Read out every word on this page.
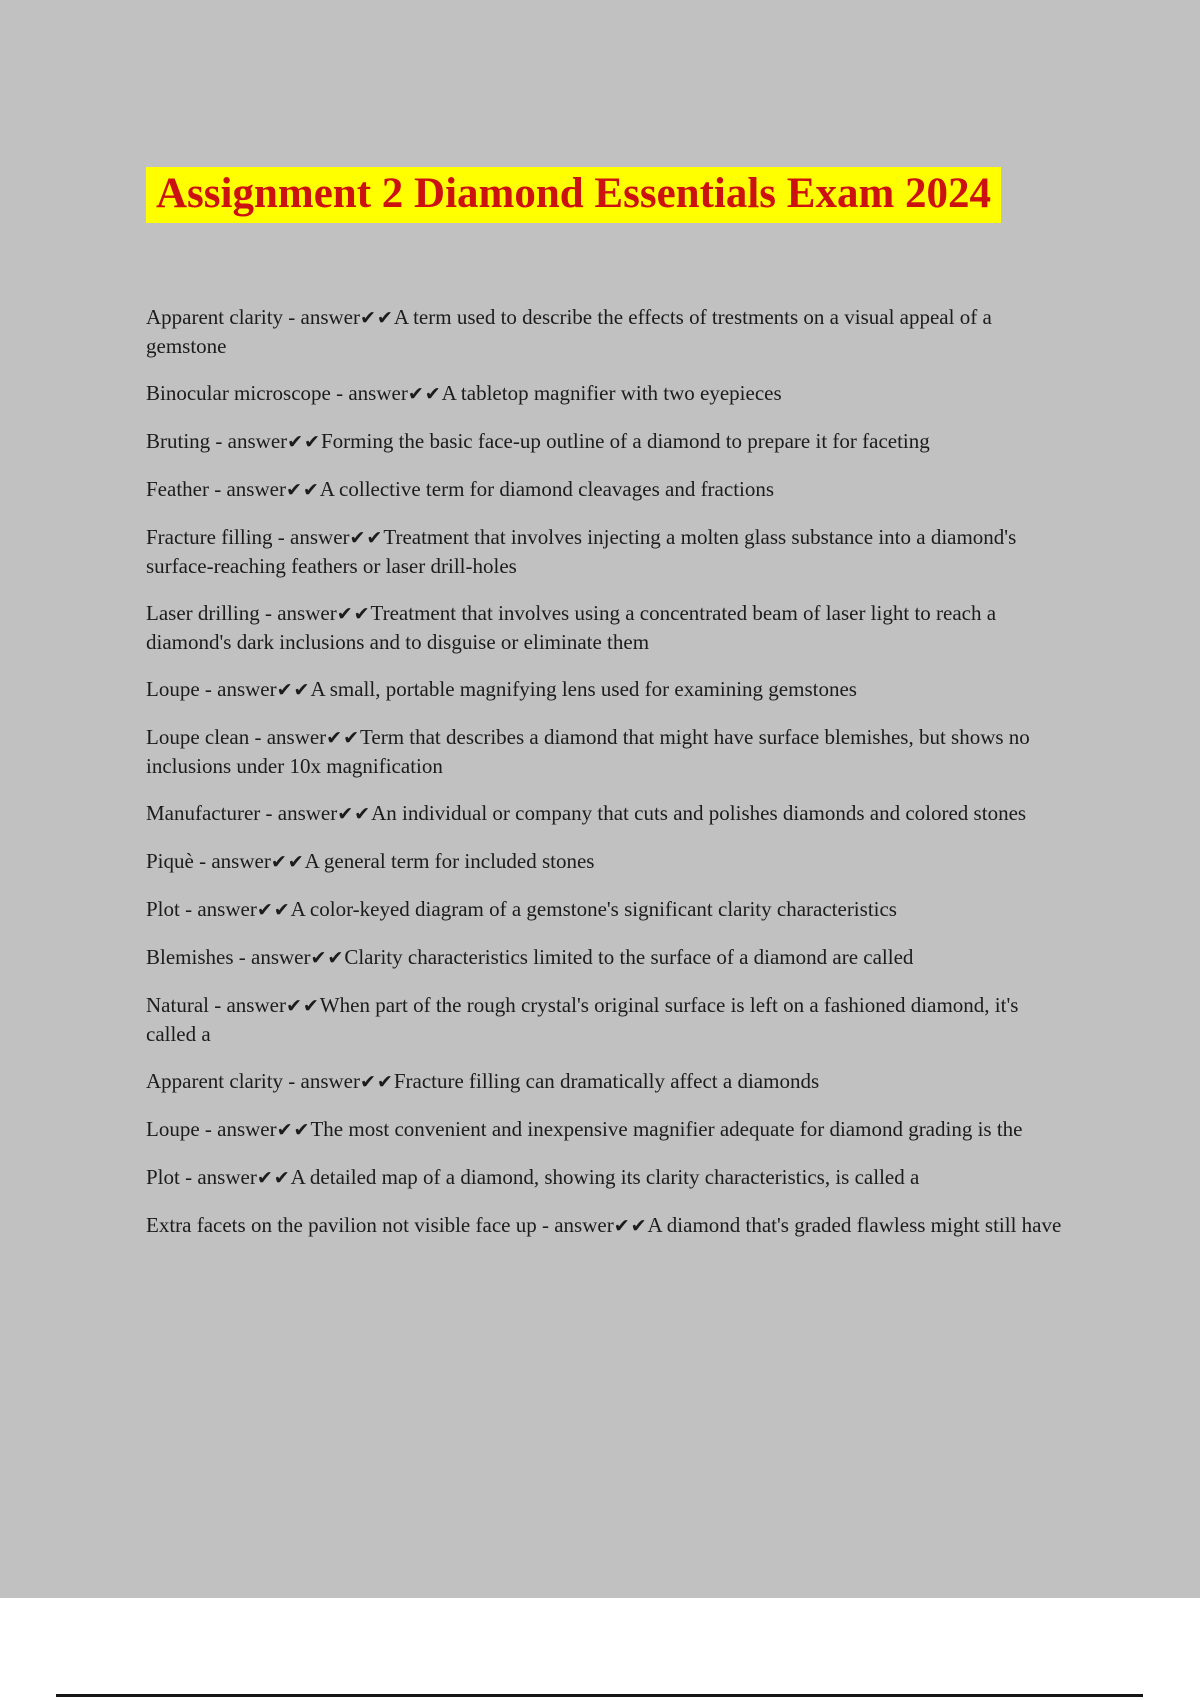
Assignment 2 Diamond Essentials Exam 2024

Apparent clarity - answer✔✔A term used to describe the effects of trestments on a visual appeal of a gemstone

Binocular microscope - answer✔✔A tabletop magnifier with two eyepieces

Bruting - answer✔✔Forming the basic face-up outline of a diamond to prepare it for faceting

Feather - answer✔✔A collective term for diamond cleavages and fractions

Fracture filling - answer✔✔Treatment that involves injecting a molten glass substance into a diamond's surface-reaching feathers or laser drill-holes

Laser drilling - answer✔✔Treatment that involves using a concentrated beam of laser light to reach a diamond's dark inclusions and to disguise or eliminate them

Loupe - answer✔✔A small, portable magnifying lens used for examining gemstones

Loupe clean - answer✔✔Term that describes a diamond that might have surface blemishes, but shows no inclusions under 10x magnification

Manufacturer - answer✔✔An individual or company that cuts and polishes diamonds and colored stones

Piquè - answer✔✔A general term for included stones

Plot - answer✔✔A color-keyed diagram of a gemstone's significant clarity characteristics

Blemishes - answer✔✔Clarity characteristics limited to the surface of a diamond are called

Natural - answer✔✔When part of the rough crystal's original surface is left on a fashioned diamond, it's called a

Apparent clarity - answer✔✔Fracture filling can dramatically affect a diamonds

Loupe - answer✔✔The most convenient and inexpensive magnifier adequate for diamond grading is the

Plot - answer✔✔A detailed map of a diamond, showing its clarity characteristics, is called a

Extra facets on the pavilion not visible face up - answer✔✔A diamond that's graded flawless might still have
